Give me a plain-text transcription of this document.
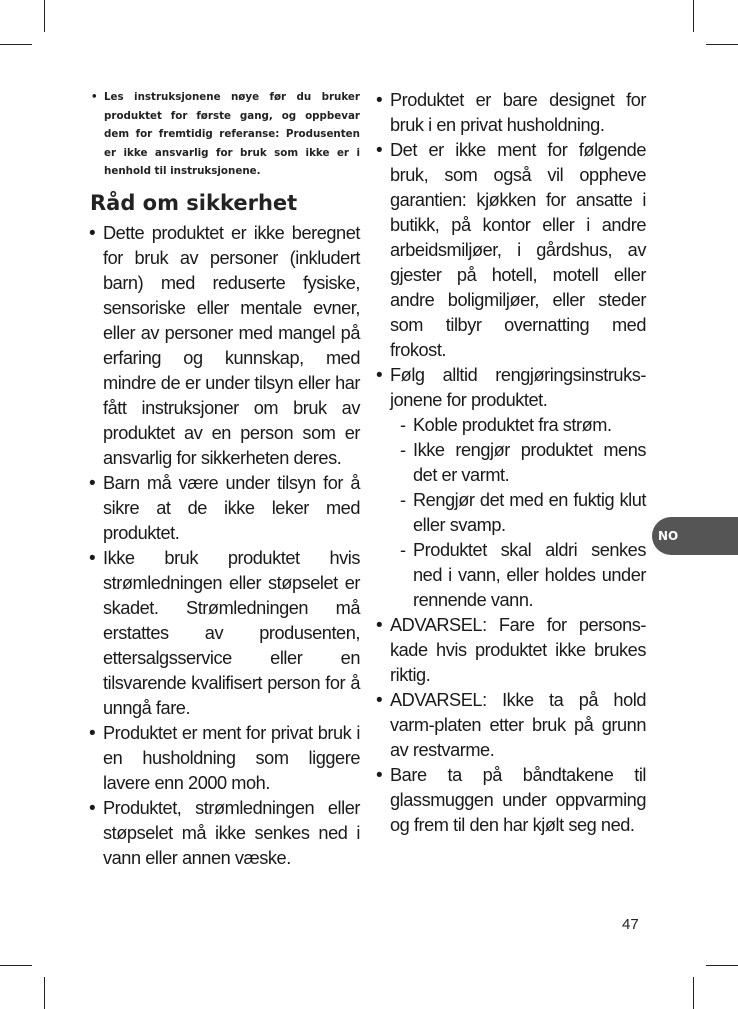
• Les instruksjonene nøye før du bruker produktet for første gang, og oppbevar dem for fremtidig referanse: Produsenten er ikke ansvarlig for bruk som ikke er i henhold til instruksjonene.
Råd om sikkerhet
• Dette produktet er ikke beregnet for bruk av personer (inkludert barn) med reduserte fysiske, sensoriske eller mentale evner, eller av personer med mangel på erfaring og kunnskap, med mindre de er under tilsyn eller har fått instruksjoner om bruk av produktet av en person som er ansvarlig for sikkerheten deres.
• Barn må være under tilsyn for å sikre at de ikke leker med produktet.
• Ikke bruk produktet hvis strømledningen eller støpselet er skadet. Strømledningen må erstattes av produsenten, ettersalgsservice eller en tilsvarende kvalifisert person for å unngå fare.
• Produktet er ment for privat bruk i en husholdning som liggere lavere enn 2000 moh.
• Produktet, strømledningen eller støpselet må ikke senkes ned i vann eller annen væske.
• Produktet er bare designet for bruk i en privat husholdning.
• Det er ikke ment for følgende bruk, som også vil oppheve garantien: kjøkken for ansatte i butikk, på kontor eller i andre arbeidsmiljøer, i gårdshus, av gjester på hotell, motell eller andre boligmiljøer, eller steder som tilbyr overnatting med frokost.
• Følg alltid rengjøringsinstruks-jonene for produktet.
- Koble produktet fra strøm.
- Ikke rengjør produktet mens det er varmt.
- Rengjør det med en fuktig klut eller svamp.
- Produktet skal aldri senkes ned i vann, eller holdes under rennende vann.
• ADVARSEL: Fare for persons-kade hvis produktet ikke brukes riktig.
• ADVARSEL: Ikke ta på hold varm-platen etter bruk på grunn av restvarme.
• Bare ta på båndtakene til glassmuggen under oppvarming og frem til den har kjølt seg ned.
NO
47
